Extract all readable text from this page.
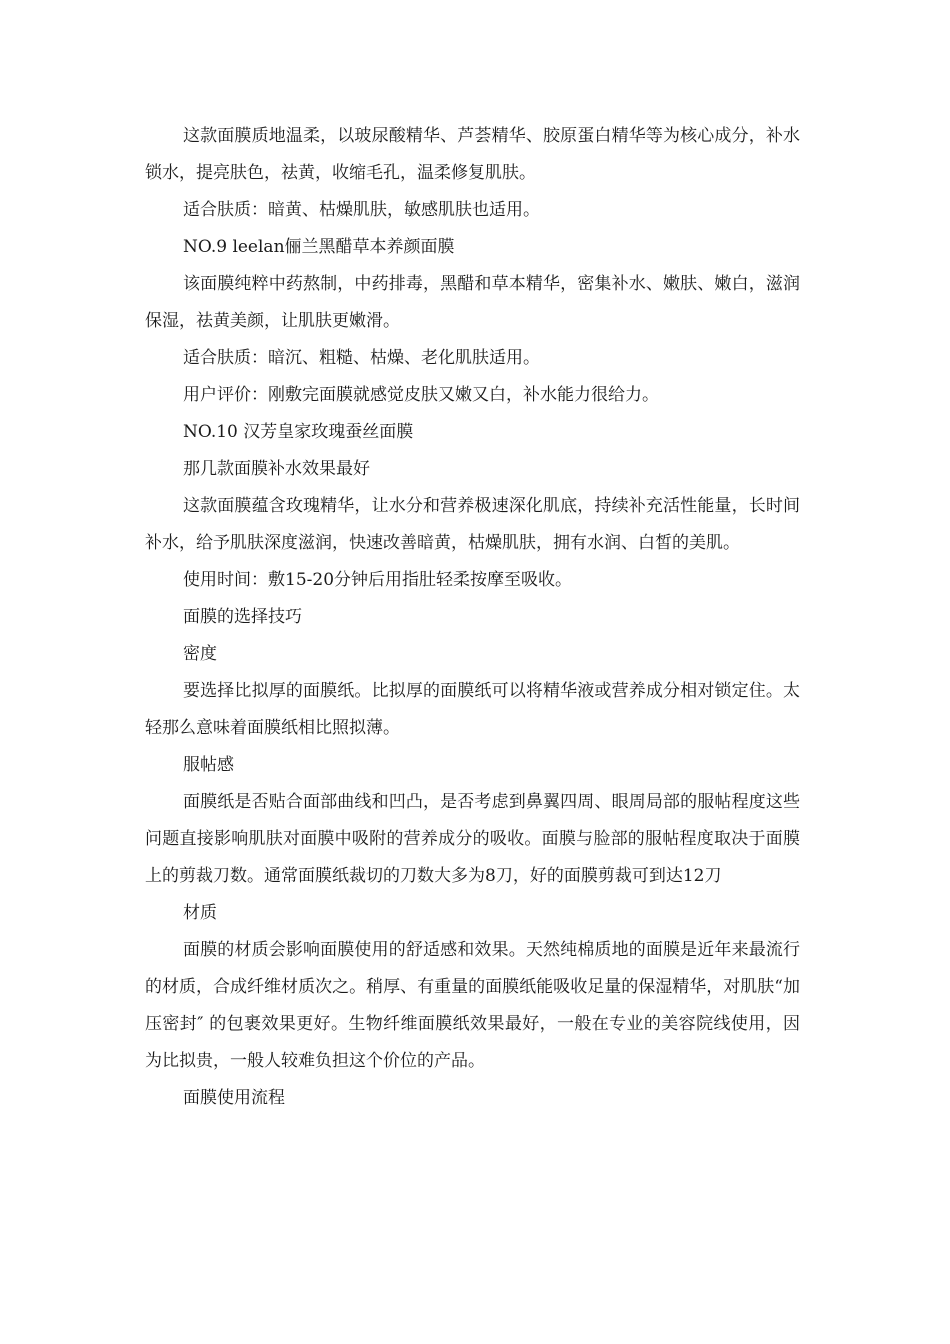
这款面膜质地温柔，以玻尿酸精华、芦荟精华、胶原蛋白精华等为核心成分，补水锁水，提亮肤色，祛黄，收缩毛孔，温柔修复肌肤。

适合肤质：暗黄、枯燥肌肤，敏感肌肤也适用。

NO.9 leelan俪兰黑醋草本养颜面膜

该面膜纯粹中药熬制，中药排毒，黑醋和草本精华，密集补水、嫩肤、嫩白，滋润保湿，祛黄美颜，让肌肤更嫩滑。

适合肤质：暗沉、粗糙、枯燥、老化肌肤适用。

用户评价：刚敷完面膜就感觉皮肤又嫩又白，补水能力很给力。

NO.10 汉芳皇家玫瑰蚕丝面膜

那几款面膜补水效果最好

这款面膜蕴含玫瑰精华，让水分和营养极速深化肌底，持续补充活性能量，长时间补水，给予肌肤深度滋润，快速改善暗黄，枯燥肌肤，拥有水润、白皙的美肌。

使用时间：敷15-20分钟后用指肚轻柔按摩至吸收。

面膜的选择技巧

密度

要选择比拟厚的面膜纸。比拟厚的面膜纸可以将精华液或营养成分相对锁定住。太轻那么意味着面膜纸相比照拟薄。

服帖感

面膜纸是否贴合面部曲线和凹凸，是否考虑到鼻翼四周、眼周局部的服帖程度这些问题直接影响肌肤对面膜中吸附的营养成分的吸收。面膜与脸部的服帖程度取决于面膜上的剪裁刀数。通常面膜纸裁切的刀数大多为8刀，好的面膜剪裁可到达12刀

材质

面膜的材质会影响面膜使用的舒适感和效果。天然纯棉质地的面膜是近年来最流行的材质，合成纤维材质次之。稍厚、有重量的面膜纸能吸收足量的保湿精华，对肌肤“加压密封″ 的包裹效果更好。生物纤维面膜纸效果最好，一般在专业的美容院线使用，因为比拟贵，一般人较难负担这个价位的产品。

面膜使用流程
